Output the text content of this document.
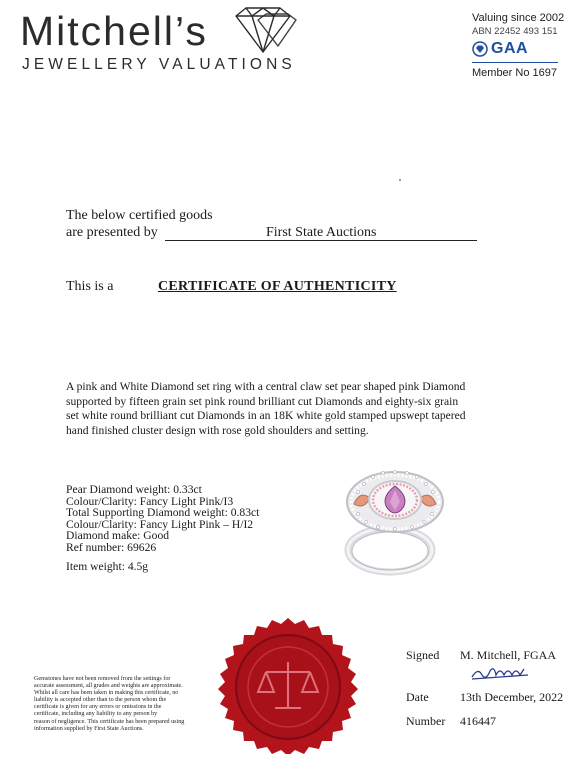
Mitchell’s
JEWELLERY VALUATIONS
Valuing since 2002
ABN 22452 493 151
GAA
Member No 1697
The below certified goods
are presented by	First State Auctions
This is a	CERTIFICATE OF AUTHENTICITY
A pink and White Diamond set ring with a central claw set pear shaped pink Diamond
supported by fifteen grain set pink round brilliant cut Diamonds and eighty-six grain
set white round brilliant cut Diamonds in an 18K white gold stamped upswept tapered
hand finished cluster design with rose gold shoulders and setting.
Pear Diamond weight: 0.33ct
Colour/Clarity: Fancy Light Pink/I3
Total Supporting Diamond weight: 0.83ct
Colour/Clarity: Fancy Light Pink – H/I2
Diamond make: Good
Ref number: 69626
Item weight: 4.5g
Gemstones have not been removed from the settings for
accurate assessment, all grades and weights are approximate.
Whilst all care has been taken in making this certificate, no
liability is accepted other than to the person whom the
certificate is given for any errors or omissions in the
certificate, including any liability to any person by
reason of negligence. This certificate has been prepared using
information supplied by First State Auctions.
Signed M. Mitchell, FGAA
Date	13th December, 2022
Number 416447
